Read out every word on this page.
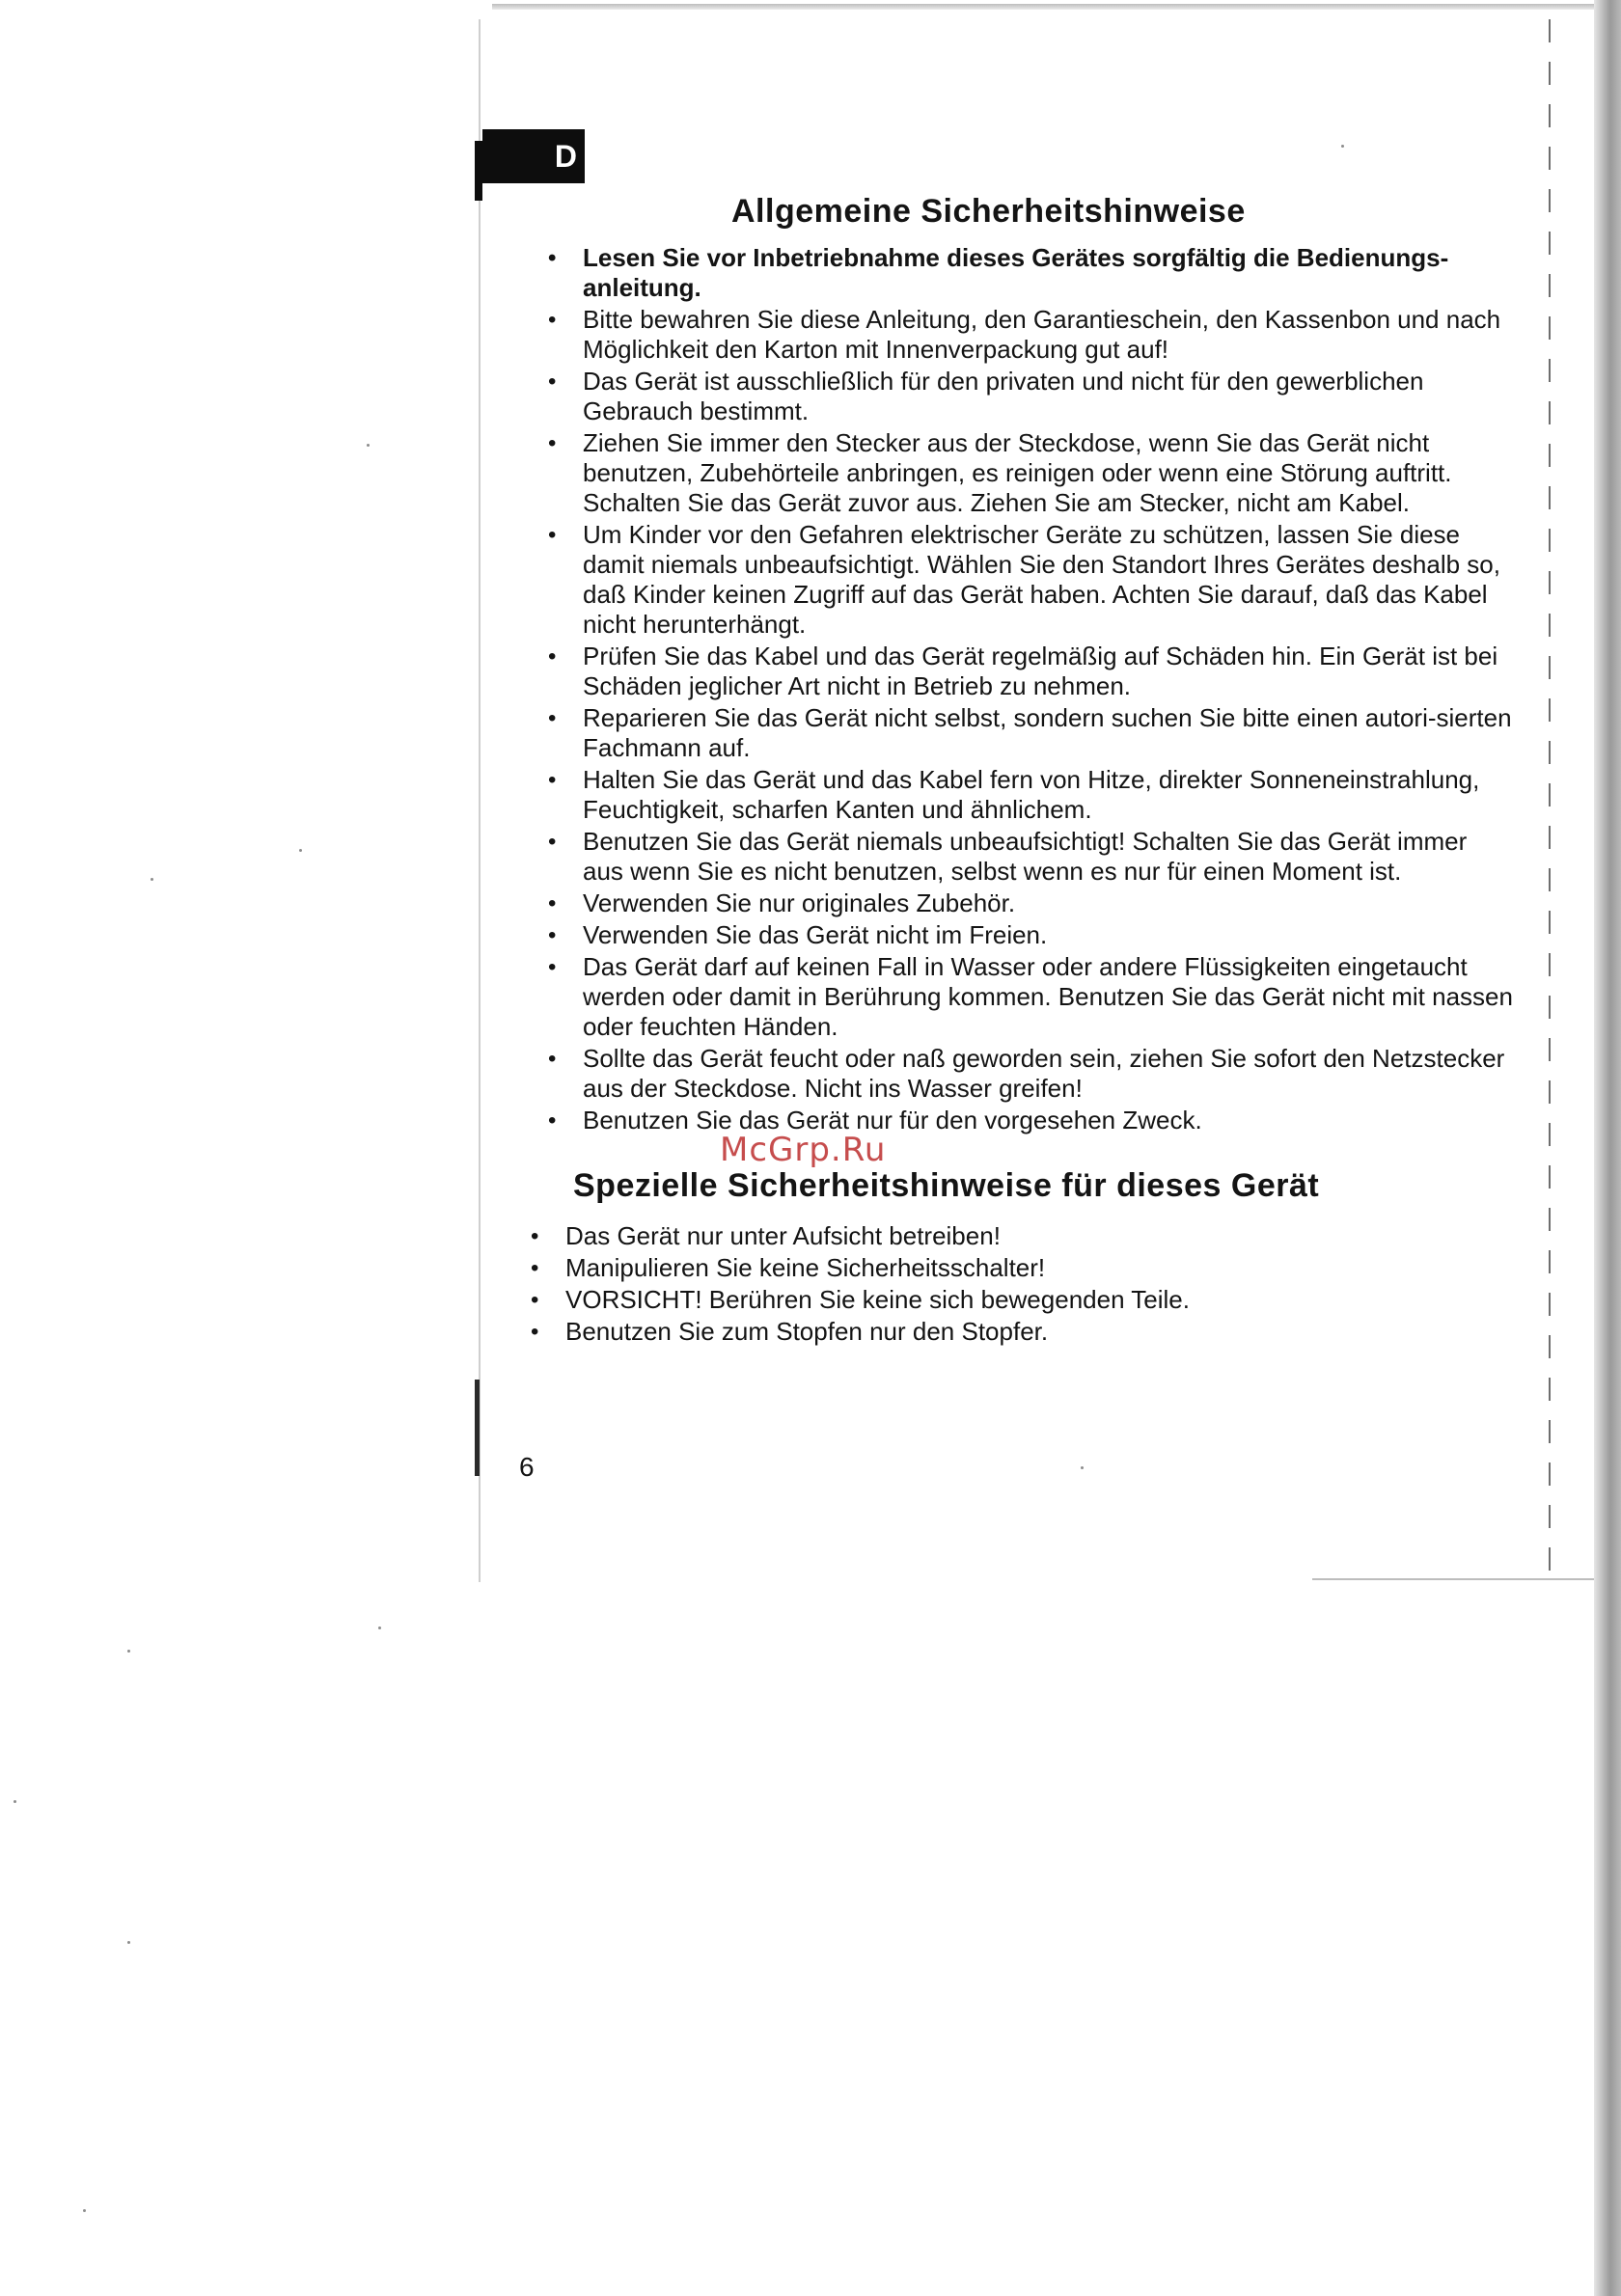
D
Allgemeine Sicherheitshinweise
• Lesen Sie vor Inbetriebnahme dieses Gerätes sorgfältig die Bedienungs-anleitung.
• Bitte bewahren Sie diese Anleitung, den Garantieschein, den Kassenbon und nach Möglichkeit den Karton mit Innenverpackung gut auf!
• Das Gerät ist ausschließlich für den privaten und nicht für den gewerblichen Gebrauch bestimmt.
• Ziehen Sie immer den Stecker aus der Steckdose, wenn Sie das Gerät nicht benutzen, Zubehörteile anbringen, es reinigen oder wenn eine Störung auftritt. Schalten Sie das Gerät zuvor aus. Ziehen Sie am Stecker, nicht am Kabel.
• Um Kinder vor den Gefahren elektrischer Geräte zu schützen, lassen Sie diese damit niemals unbeaufsichtigt. Wählen Sie den Standort Ihres Gerätes deshalb so, daß Kinder keinen Zugriff auf das Gerät haben. Achten Sie darauf, daß das Kabel nicht herunterhängt.
• Prüfen Sie das Kabel und das Gerät regelmäßig auf Schäden hin. Ein Gerät ist bei Schäden jeglicher Art nicht in Betrieb zu nehmen.
• Reparieren Sie das Gerät nicht selbst, sondern suchen Sie bitte einen autori-sierten Fachmann auf.
• Halten Sie das Gerät und das Kabel fern von Hitze, direkter Sonneneinstrahlung, Feuchtigkeit, scharfen Kanten und ähnlichem.
• Benutzen Sie das Gerät niemals unbeaufsichtigt! Schalten Sie das Gerät immer aus wenn Sie es nicht benutzen, selbst wenn es nur für einen Moment ist.
• Verwenden Sie nur originales Zubehör.
• Verwenden Sie das Gerät nicht im Freien.
• Das Gerät darf auf keinen Fall in Wasser oder andere Flüssigkeiten eingetaucht werden oder damit in Berührung kommen. Benutzen Sie das Gerät nicht mit nassen oder feuchten Händen.
• Sollte das Gerät feucht oder naß geworden sein, ziehen Sie sofort den Netzstecker aus der Steckdose. Nicht ins Wasser greifen!
• Benutzen Sie das Gerät nur für den vorgesehen Zweck.
McGrp.Ru
Spezielle Sicherheitshinweise für dieses Gerät
• Das Gerät nur unter Aufsicht betreiben!
• Manipulieren Sie keine Sicherheitsschalter!
• VORSICHT! Berühren Sie keine sich bewegenden Teile.
• Benutzen Sie zum Stopfen nur den Stopfer.
6
